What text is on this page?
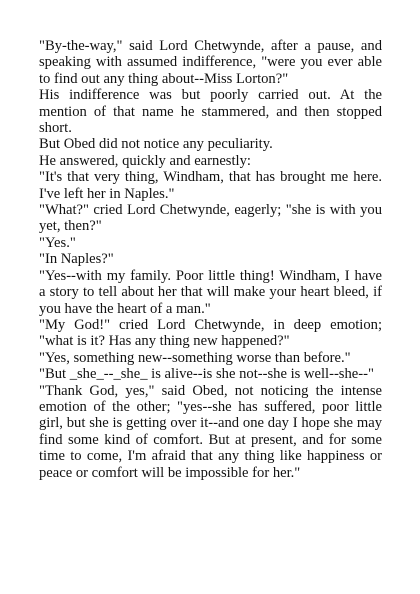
"By-the-way," said Lord Chetwynde, after a pause, and speaking with assumed indifference, "were you ever able to find out any thing about--Miss Lorton?"

His indifference was but poorly carried out. At the mention of that name he stammered, and then stopped short.

But Obed did not notice any peculiarity.

He answered, quickly and earnestly:

"It's that very thing, Windham, that has brought me here. I've left her in Naples."

"What?" cried Lord Chetwynde, eagerly; "she is with you yet, then?"

"Yes."

"In Naples?"

"Yes--with my family. Poor little thing! Windham, I have a story to tell about her that will make your heart bleed, if you have the heart of a man."

"My God!" cried Lord Chetwynde, in deep emotion; "what is it? Has any thing new happened?"

"Yes, something new--something worse than before."

"But _she_--_she_ is alive--is she not--she is well--she--"

"Thank God, yes," said Obed, not noticing the intense emotion of the other; "yes--she has suffered, poor little girl, but she is getting over it--and one day I hope she may find some kind of comfort. But at present, and for some time to come, I'm afraid that any thing like happiness or peace or comfort will be impossible for her."
